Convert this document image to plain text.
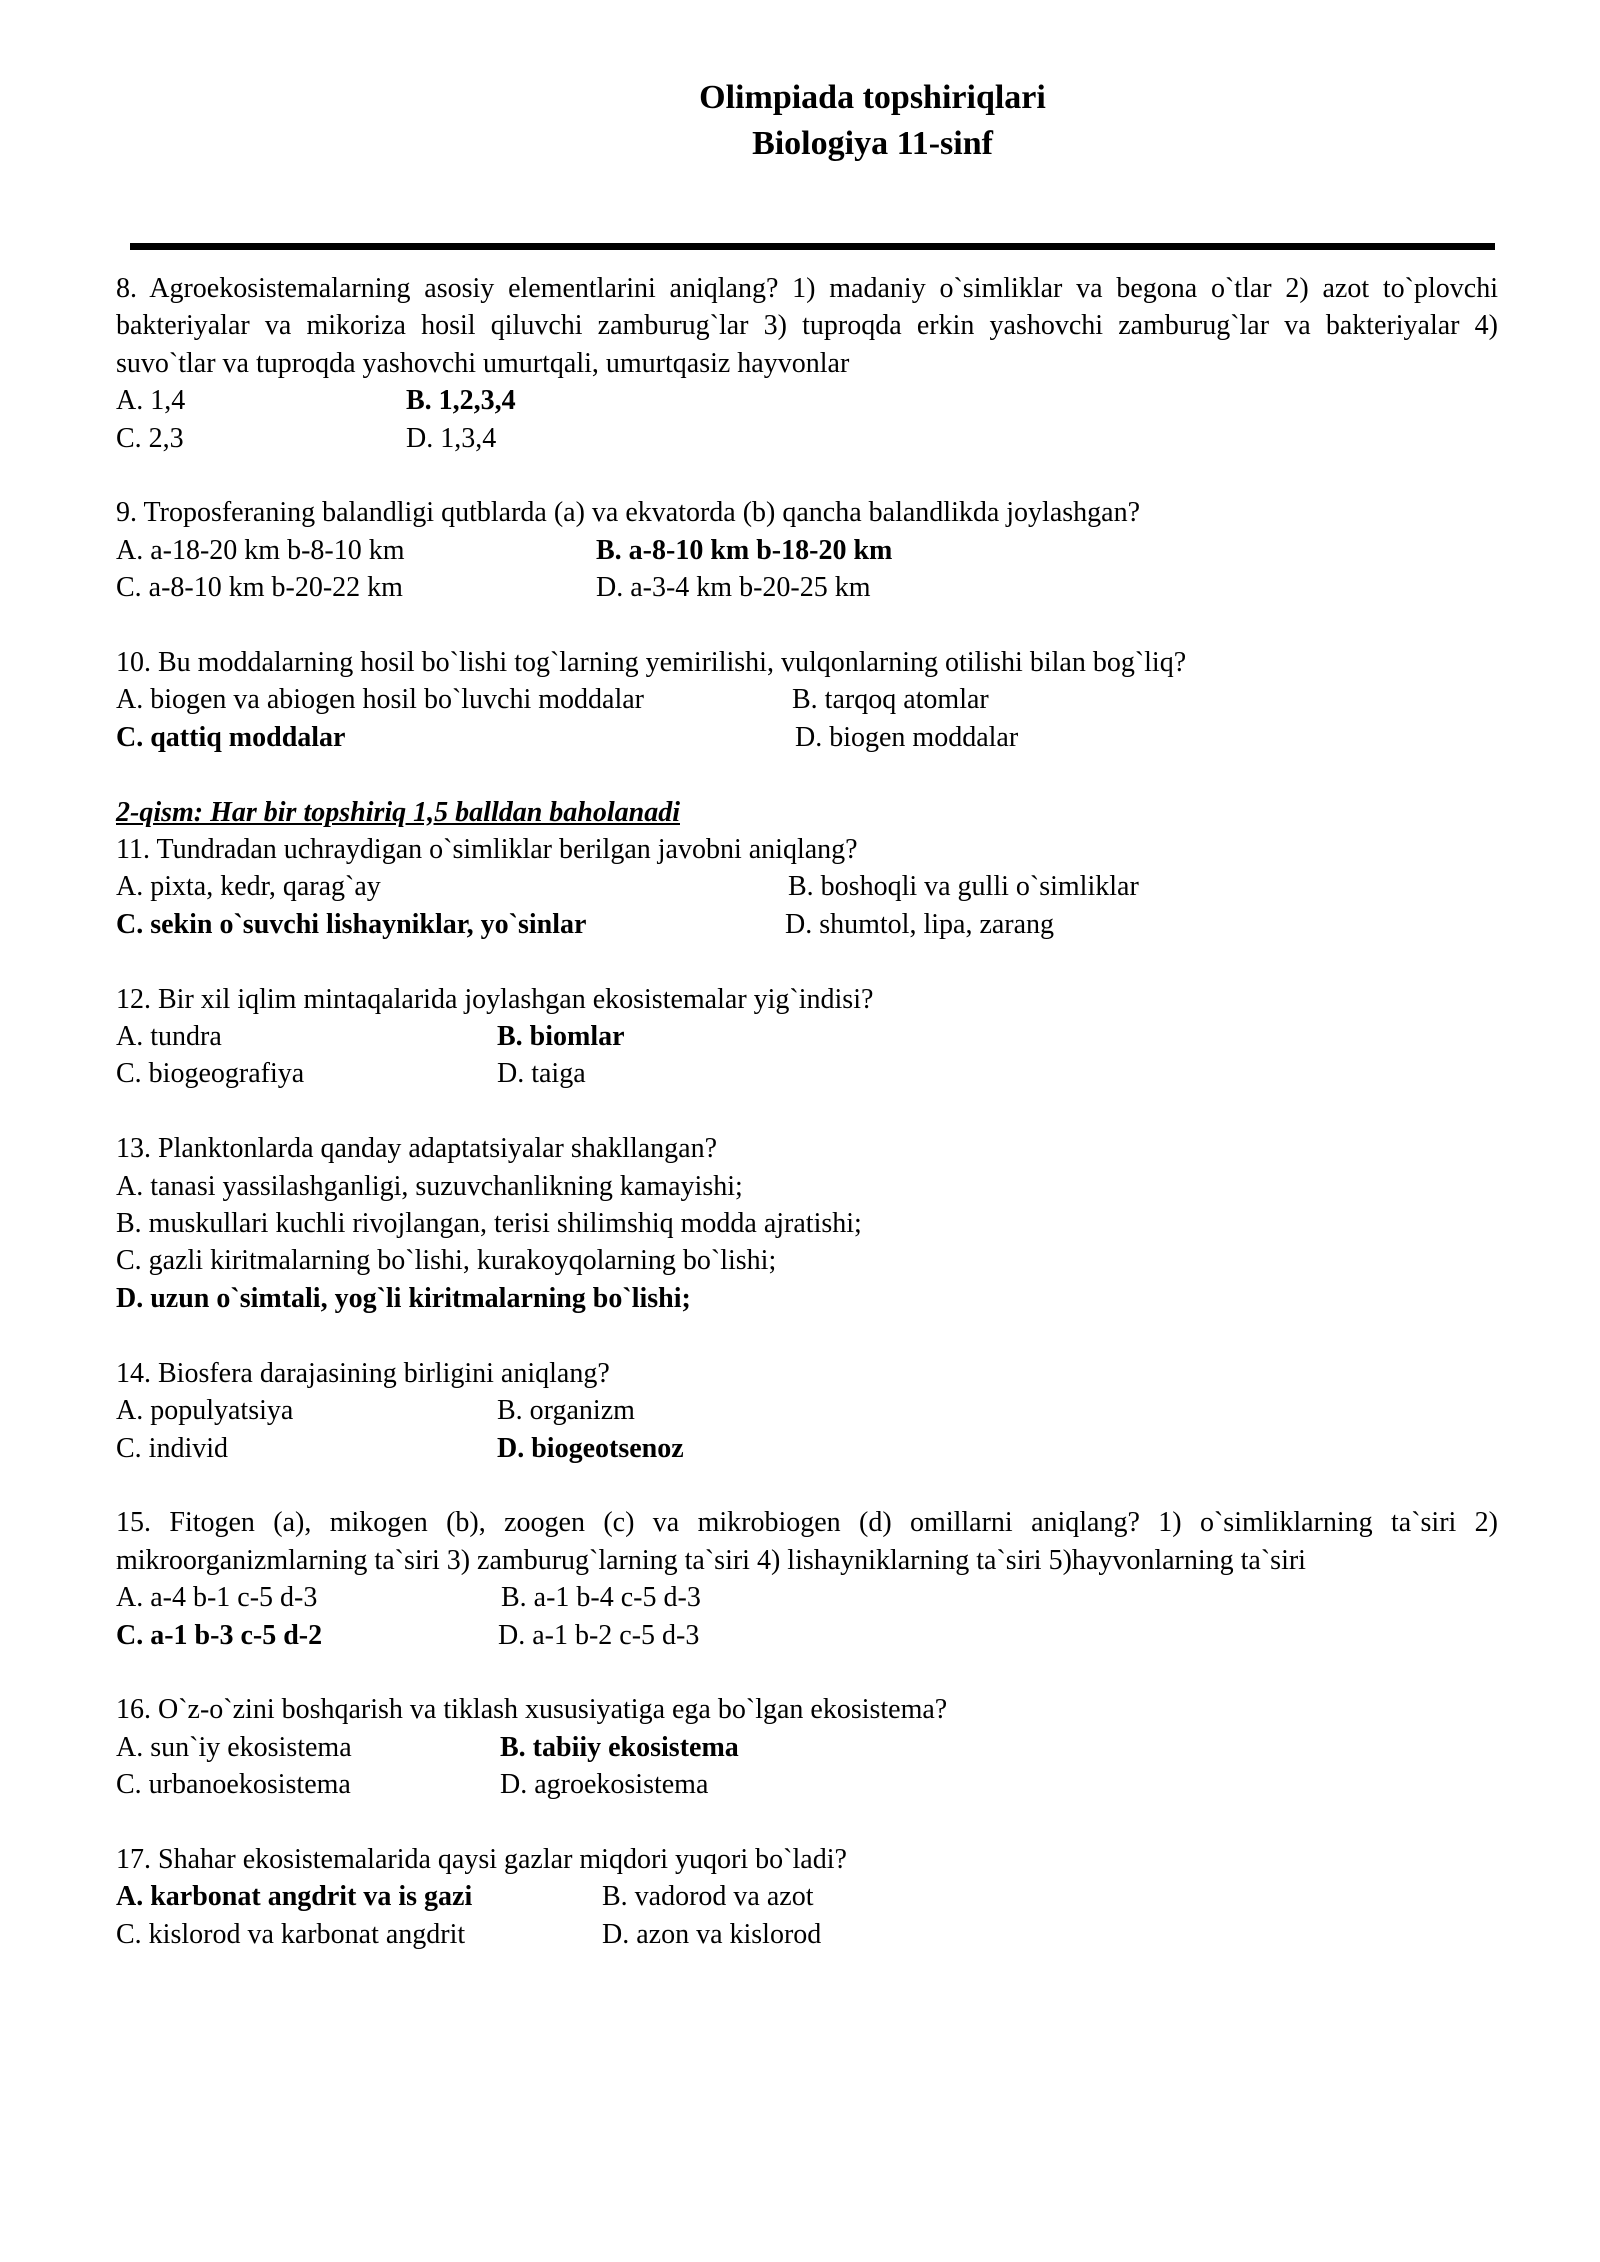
Olimpiada topshiriqlari
Biologiya 11-sinf
8. Agroekosistemalarning asosiy elementlarini aniqlang? 1) madaniy o`simliklar va begona o`tlar 2) azot to`plovchi bakteriyalar va mikoriza hosil qiluvchi zamburug`lar 3) tuproqda erkin yashovchi zamburug`lar va bakteriyalar 4) suvo`tlar va tuproqda yashovchi umurtqali, umurtqasiz hayvonlar
A. 1,4	B. 1,2,3,4
C. 2,3	D. 1,3,4
9. Troposferaning balandligi qutblarda (a) va ekvatorda (b) qancha balandlikda joylashgan?
A. a-18-20 km b-8-10 km	B. a-8-10 km b-18-20 km
C. a-8-10 km b-20-22 km	D. a-3-4 km b-20-25 km
10. Bu moddalarning hosil bo`lishi tog`larning yemirilishi, vulqonlarning otilishi bilan bog`liq?
A. biogen va abiogen hosil bo`luvchi moddalar	B. tarqoq atomlar
C. qattiq moddalar	D. biogen moddalar
2-qism: Har bir topshiriq 1,5 balldan baholanadi
11. Tundradan uchraydigan o`simliklar berilgan javobni aniqlang?
A. pixta, kedr, qarag`ay	B. boshoqli va gulli o`simliklar
C. sekin o`suvchi lishayniklar, yo`sinlar	D. shumtol, lipa, zarang
12. Bir xil iqlim mintaqalarida joylashgan ekosistemalar yig`indisi?
A. tundra	B. biomlar
C. biogeografiya	D. taiga
13. Planktonlarda qanday adaptatsiyalar shakllangan?
A. tanasi yassilashganligi, suzuvchanlikning kamayishi;
B. muskullari kuchli rivojlangan, terisi shilimshiq modda ajratishi;
C. gazli kiritmalarning bo`lishi, kurakoyqolarning bo`lishi;
D. uzun o`simtali, yog`li kiritmalarning bo`lishi;
14. Biosfera darajasining birligini aniqlang?
A. populyatsiya	B. organizm
C. individ	D. biogeotsenoz
15. Fitogen (a), mikogen (b), zoogen (c) va mikrobiogen (d) omillarni aniqlang? 1) o`simliklarning ta`siri 2) mikroorganizmlarning ta`siri 3) zamburug`larning ta`siri 4) lishayniklarning ta`siri 5)hayvonlarning ta`siri
A. a-4 b-1 c-5 d-3	B. a-1 b-4 c-5 d-3
C. a-1 b-3 c-5 d-2	D. a-1 b-2 c-5 d-3
16. O`z-o`zini boshqarish va tiklash xususiyatiga ega bo`lgan ekosistema?
A. sun`iy ekosistema	B. tabiiy ekosistema
C. urbanoekosistema	D. agroekosistema
17. Shahar ekosistemalarida qaysi gazlar miqdori yuqori bo`ladi?
A. karbonat angdrit va is gazi	B. vadorod va azot
C. kislorod va karbonat angdrit	D. azon va kislorod
